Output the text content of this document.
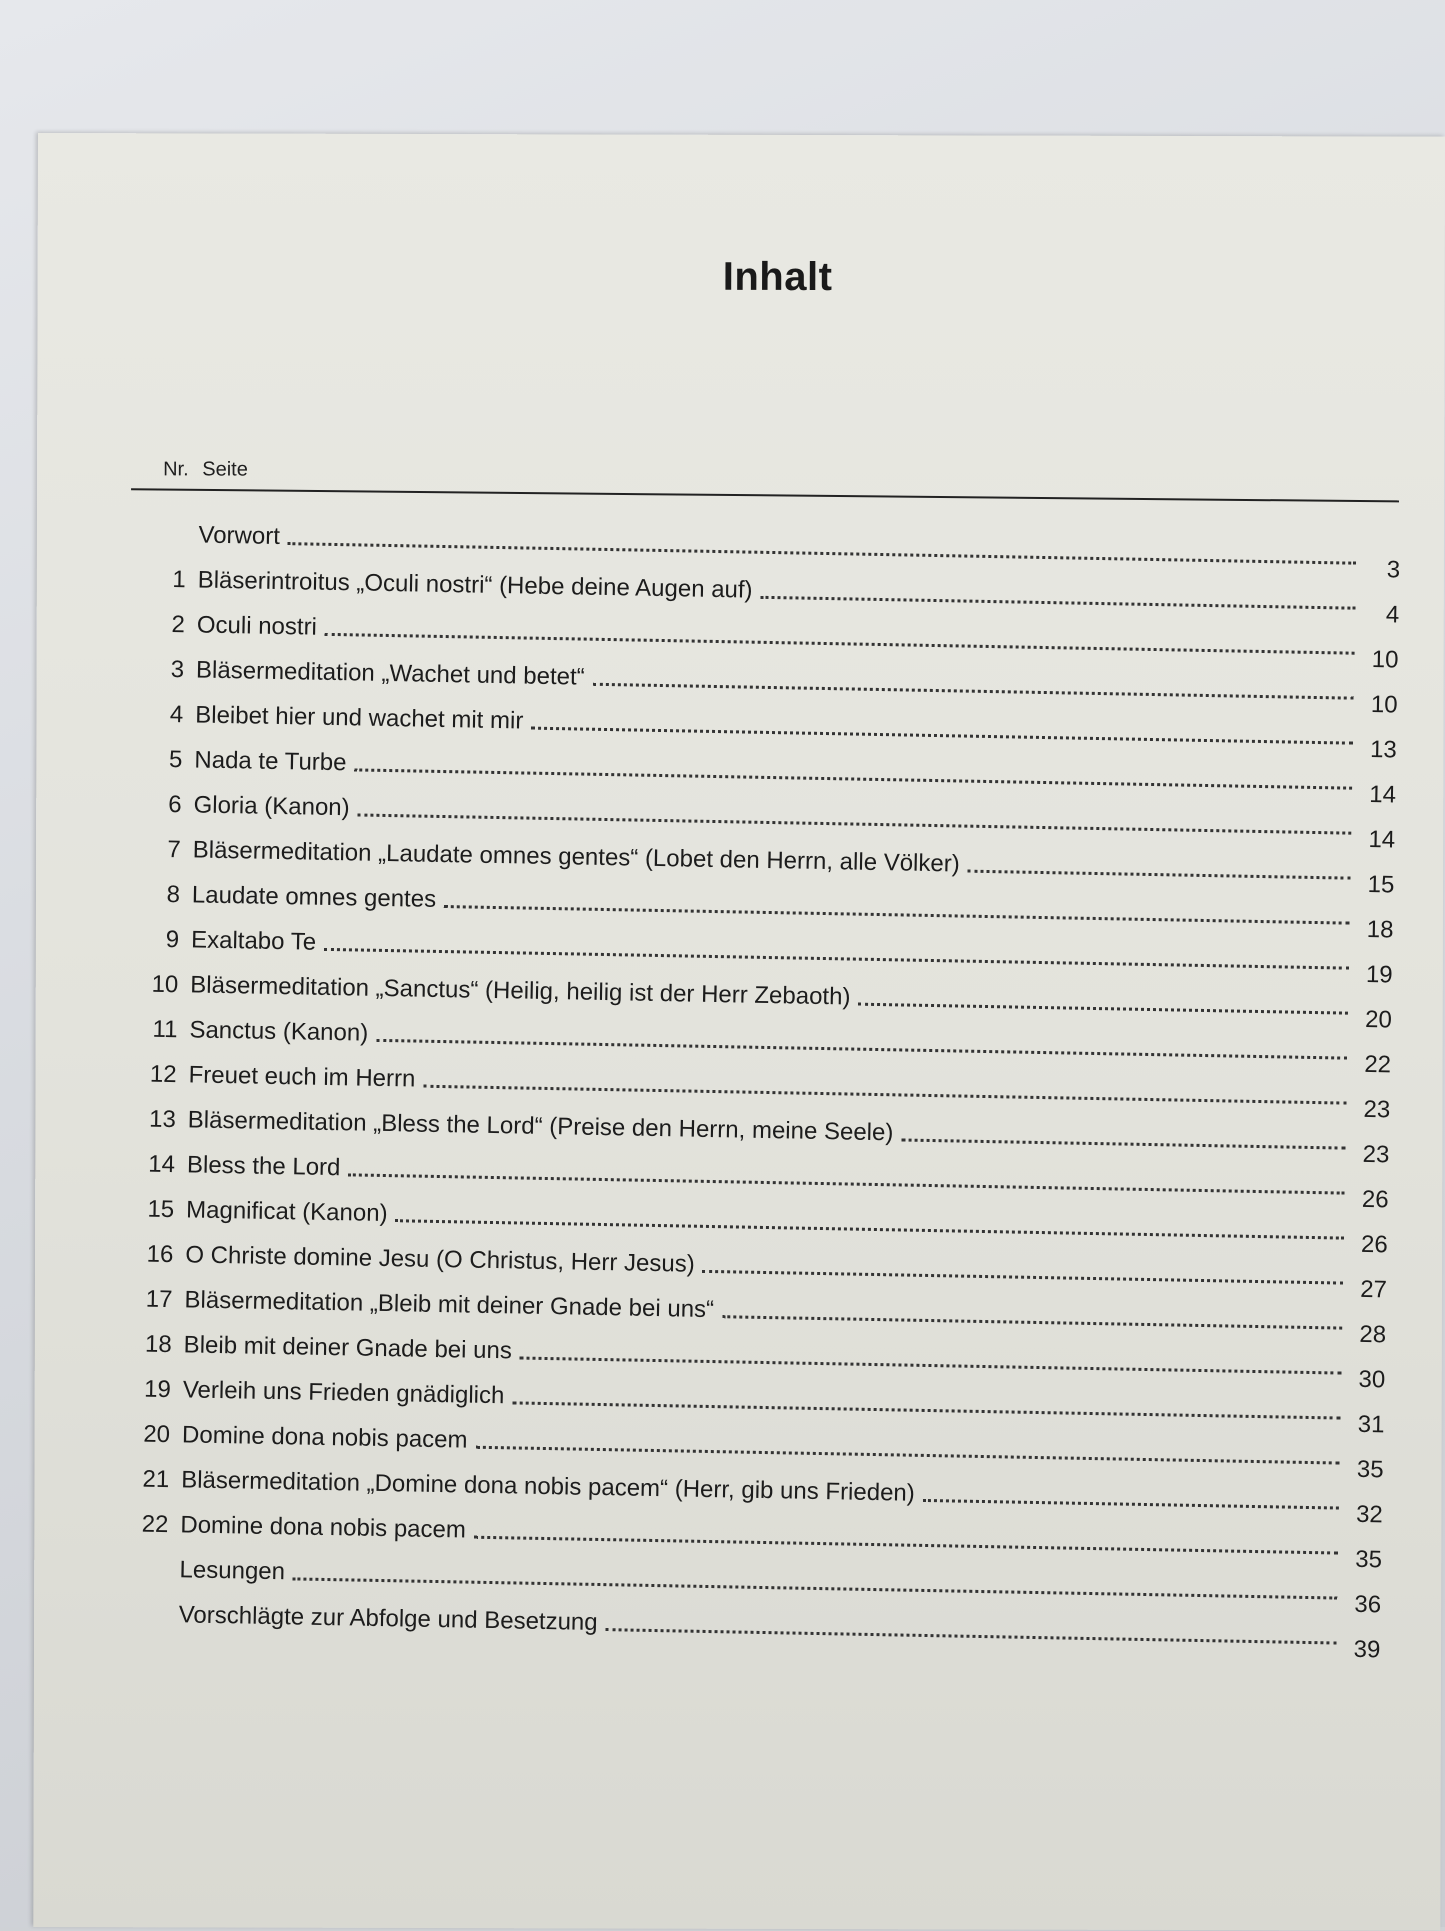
Inhalt
Nr. Seite
Vorwort
3
1 Bläserintroitus „Oculi nostri“ (Hebe deine Augen auf)
4
2 Oculi nostri
10
3 Bläsermeditation „Wachet und betet“
10
4 Bleibet hier und wachet mit mir
13
5 Nada te Turbe
14
6 Gloria (Kanon)
14
7 Bläsermeditation „Laudate omnes gentes“ (Lobet den Herrn, alle Völker)
15
8 Laudate omnes gentes
18
9 Exaltabo Te
19
10 Bläsermeditation „Sanctus“ (Heilig, heilig ist der Herr Zebaoth)
20
11 Sanctus (Kanon)
22
12 Freuet euch im Herrn
23
13 Bläsermeditation „Bless the Lord“ (Preise den Herrn, meine Seele)
23
14 Bless the Lord
26
15 Magnificat (Kanon)
26
16 O Christe domine Jesu (O Christus, Herr Jesus)
27
17 Bläsermeditation „Bleib mit deiner Gnade bei uns“
28
18 Bleib mit deiner Gnade bei uns
30
19 Verleih uns Frieden gnädiglich
31
20 Domine dona nobis pacem
35
21 Bläsermeditation „Domine dona nobis pacem“ (Herr, gib uns Frieden)
32
22 Domine dona nobis pacem
35
Lesungen
36
Vorschlägte zur Abfolge und Besetzung
39
